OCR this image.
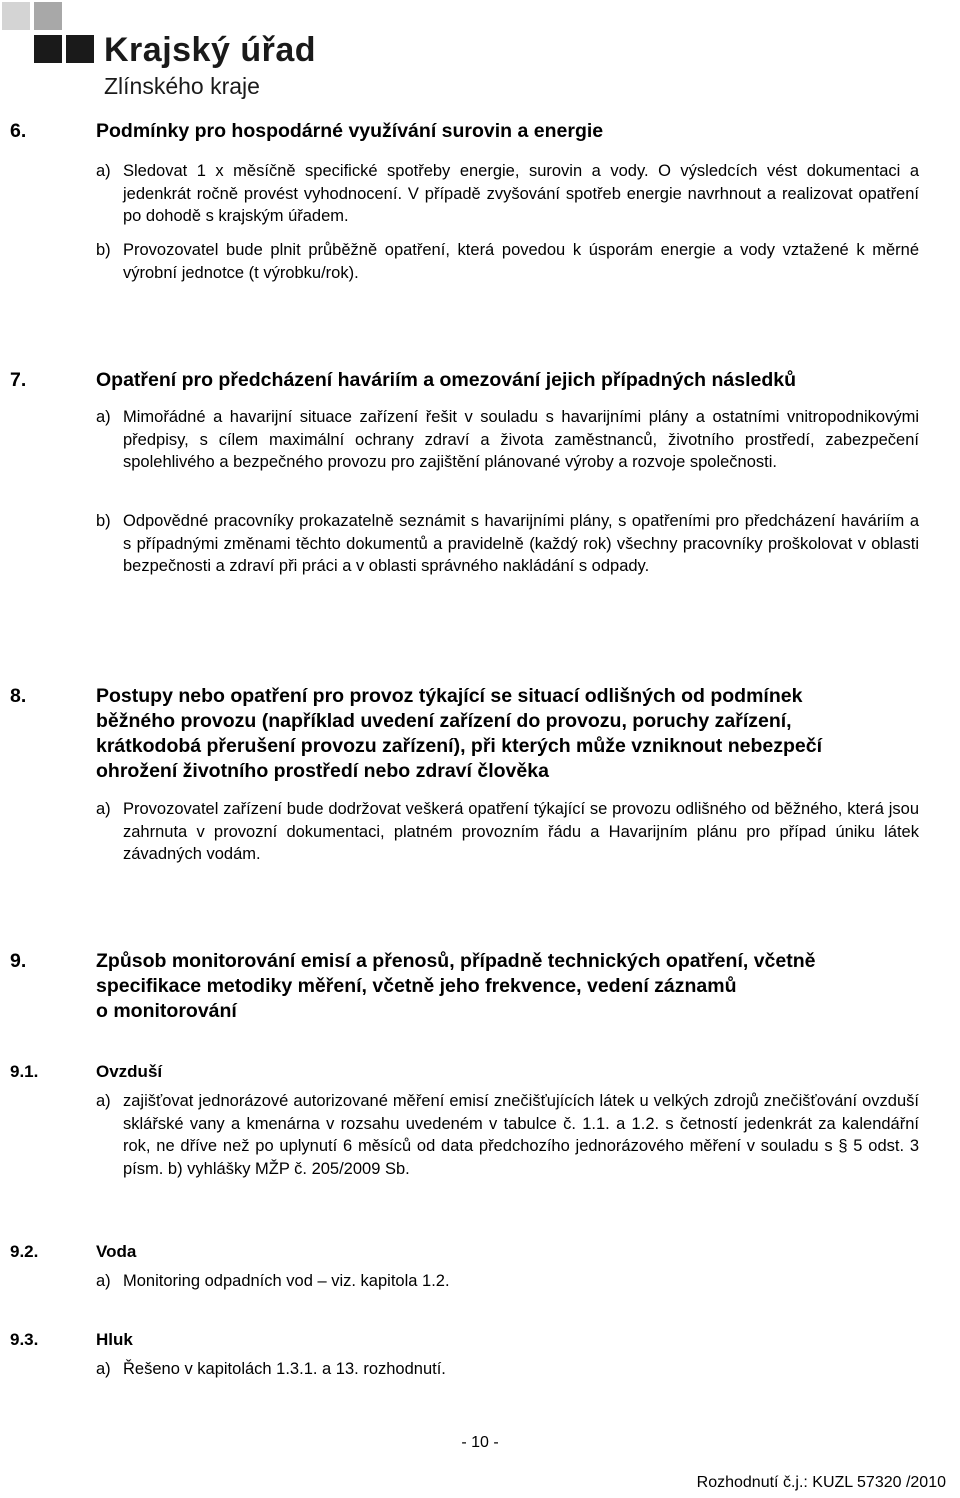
Krajský úřad
Zlínského kraje
6.	Podmínky pro hospodárné využívání surovin a energie
a) Sledovat 1 x měsíčně specifické spotřeby energie, surovin a vody. O výsledcích vést dokumentaci a jedenkrát ročně provést vyhodnocení. V případě zvyšování spotřeb energie navrhnout a realizovat opatření po dohodě s krajským úřadem.
b) Provozovatel bude plnit průběžně opatření, která povedou k úsporám energie a vody vztažené k měrné výrobní jednotce (t výrobku/rok).
7.	Opatření pro předcházení haváriím a omezování jejich případných následků
a) Mimořádné a havarijní situace zařízení řešit v souladu s havarijními plány a ostatními vnitropodnikovými předpisy, s cílem maximální ochrany zdraví a života zaměstnanců, životního prostředí, zabezpečení spolehlivého a bezpečného provozu pro zajištění plánované výroby a rozvoje společnosti.
b) Odpovědné pracovníky prokazatelně seznámit s havarijními plány, s opatřeními pro předcházení haváriím a s případnými změnami těchto dokumentů a pravidelně (každý rok) všechny pracovníky proškolovat v oblasti bezpečnosti a zdraví při práci a v oblasti správného nakládání s odpady.
8.	Postupy nebo opatření pro provoz týkající se situací odlišných od podmínek
běžného provozu (například uvedení zařízení do provozu, poruchy zařízení,
krátkodobá přerušení provozu zařízení), při kterých může vzniknout nebezpečí
ohrožení životního prostředí nebo zdraví člověka
a) Provozovatel zařízení bude dodržovat veškerá opatření týkající se provozu odlišného od běžného, která jsou zahrnuta v provozní dokumentaci, platném provozním řádu a Havarijním plánu pro případ úniku látek závadných vodám.
9.	Způsob monitorování emisí a přenosů, případně technických opatření, včetně
specifikace metodiky měření, včetně jeho frekvence, vedení záznamů
o monitorování
9.1.	Ovzduší
a) zajišťovat jednorázové autorizované měření emisí znečišťujících látek u velkých zdrojů znečišťování ovzduší sklářské vany a kmenárna v rozsahu uvedeném v tabulce č. 1.1. a 1.2. s četností jedenkrát za kalendářní rok, ne dříve než po uplynutí 6 měsíců od data předchozího jednorázového měření v souladu s § 5 odst. 3 písm. b) vyhlášky MŽP č. 205/2009 Sb.
9.2.	Voda
a) Monitoring odpadních vod – viz. kapitola 1.2.
9.3.	Hluk
a) Řešeno v kapitolách 1.3.1. a 13. rozhodnutí.
- 10 -
Rozhodnutí č.j.: KUZL 57320 /2010
